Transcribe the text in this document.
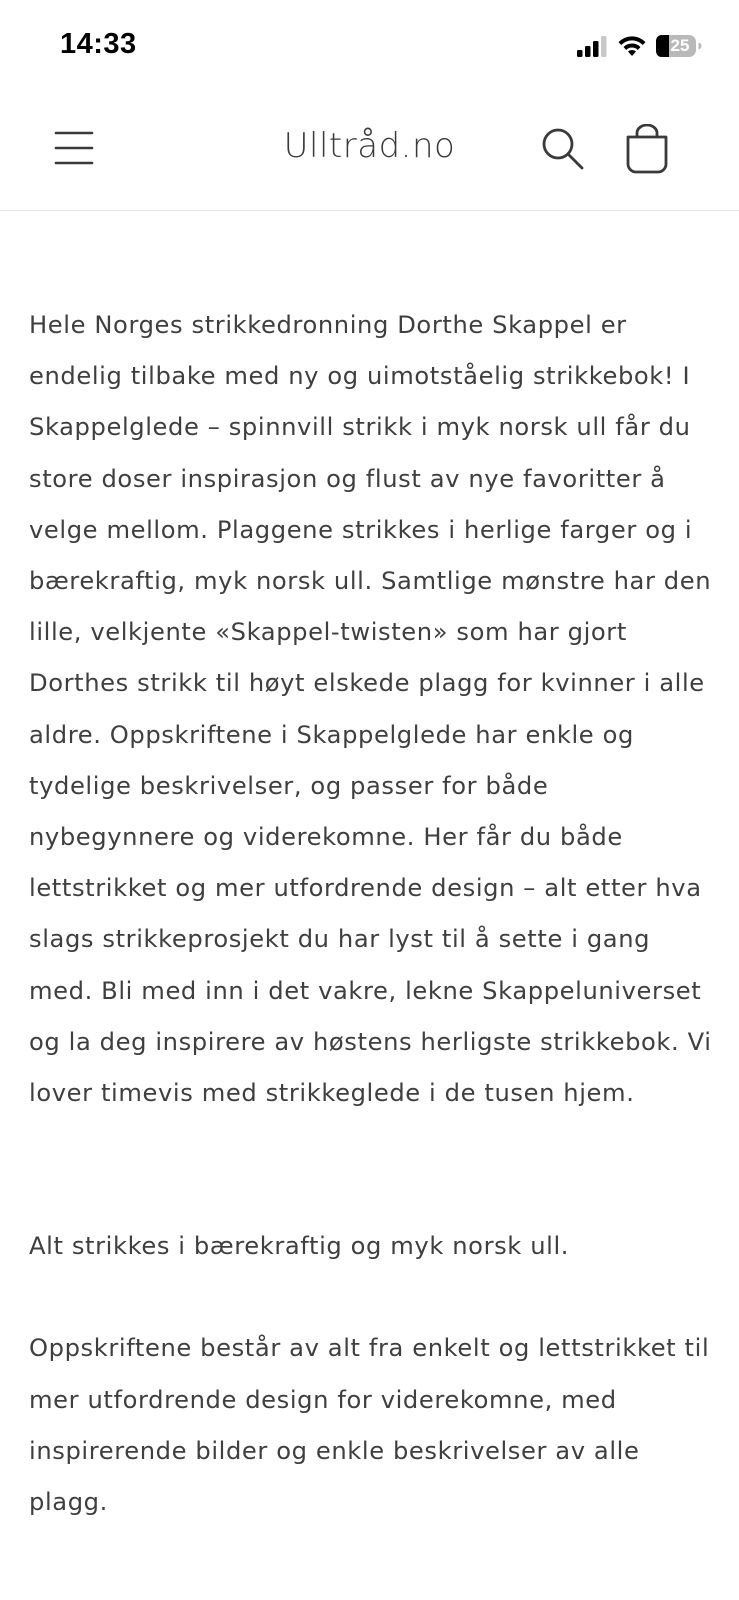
14:33	25
Ulltråd.no

Hele Norges strikkedronning Dorthe Skappel er endelig tilbake med ny og uimotståelig strikkebok! I Skappelglede – spinnvill strikk i myk norsk ull får du store doser inspirasjon og flust av nye favoritter å velge mellom. Plaggene strikkes i herlige farger og i bærekraftig, myk norsk ull. Samtlige mønstre har den lille, velkjente «Skappel-twisten» som har gjort Dorthes strikk til høyt elskede plagg for kvinner i alle aldre. Oppskriftene i Skappelglede har enkle og tydelige beskrivelser, og passer for både nybegynnere og viderekomne. Her får du både lettstrikket og mer utfordrende design – alt etter hva slags strikkeprosjekt du har lyst til å sette i gang med. Bli med inn i det vakre, lekne Skappeluniverset og la deg inspirere av høstens herligste strikkebok. Vi lover timevis med strikkeglede i de tusen hjem.

Alt strikkes i bærekraftig og myk norsk ull.

Oppskriftene består av alt fra enkelt og lettstrikket til mer utfordrende design for viderekomne, med inspirerende bilder og enkle beskrivelser av alle plagg.
